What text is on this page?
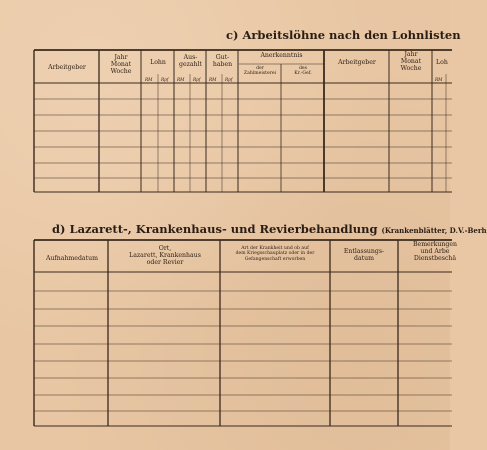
c) Arbeitslöhne nach den Lohnlisten
Arbeitgeber
Jahr
Monat
Woche
Lohn
Aus-
gezahlt
Gut-
haben
Anerkenntnis
der
Zahlmeisterei
des
Kr.-Gef.
Arbeitgeber
Jahr
Monat
Woche
Loh
RM Rpf RM Rpf RM Rpf	RM
d) Lazarett-, Krankenhaus- und Revierbehandlung (Krankenblätter, D.V.-Berh
Aufnahmedatum
Ort,
Lazarett, Krankenhaus
oder Revier
Art der Krankheit und ob auf
dem Kriegsschauplatz oder in der
Gefangenschaft erworben
Entlassungs-
datum
Bemerkungen
und Arbe
Dienstbeschä
